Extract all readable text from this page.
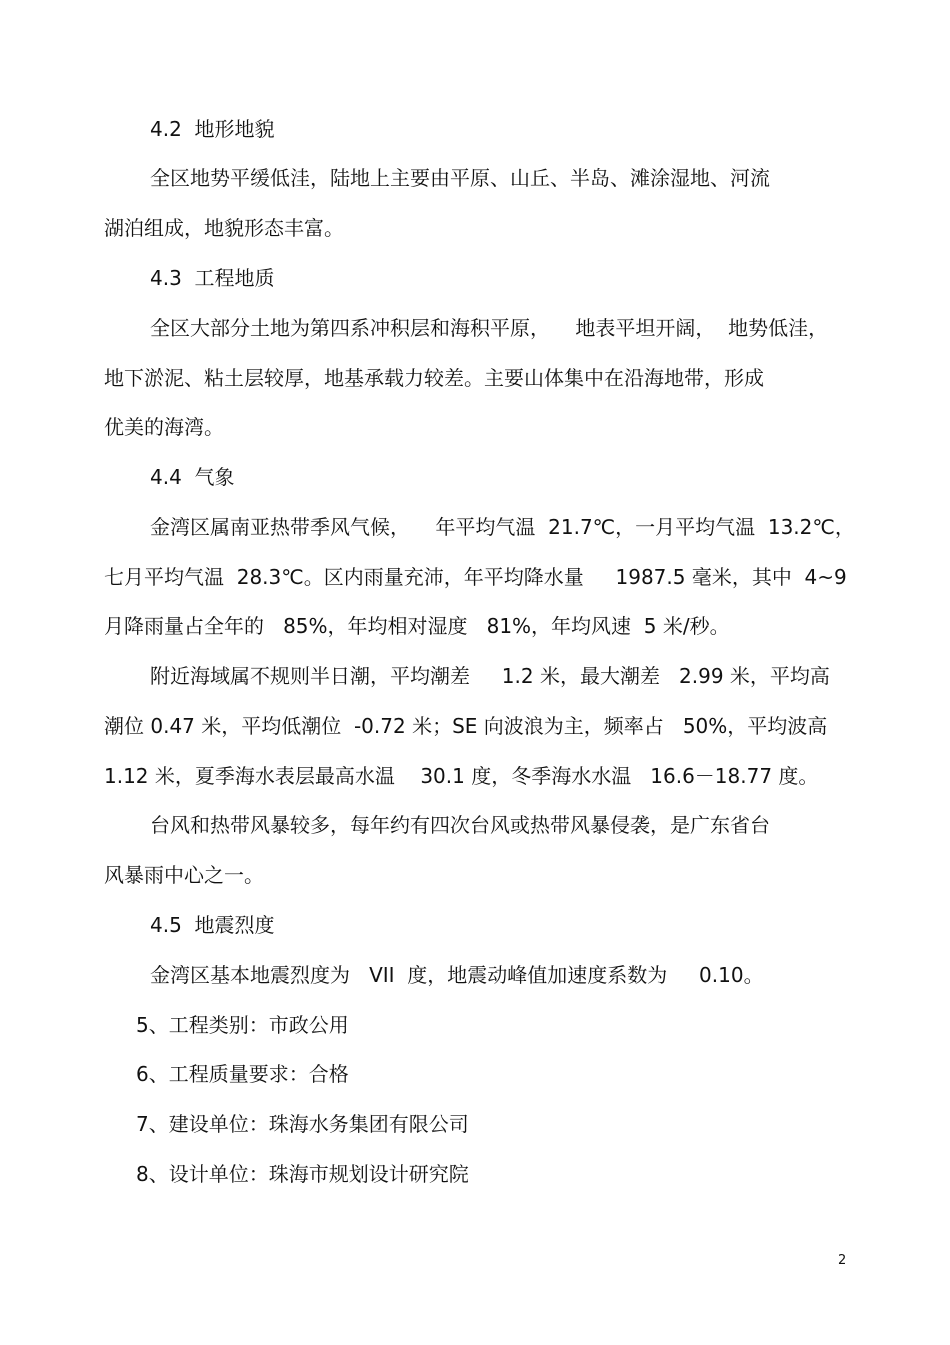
4.2  地形地貌
全区地势平缓低洼，陆地上主要由平原、山丘、半岛、滩涂湿地、河流
湖泊组成，地貌形态丰富。
4.3  工程地质
全区大部分土地为第四系冲积层和海积平原，    地表平坦开阔，  地势低洼，
地下淤泥、粘土层较厚，地基承载力较差。主要山体集中在沿海地带，形成
优美的海湾。
4.4  气象
金湾区属南亚热带季风气候，    年平均气温  21.7℃，一月平均气温  13.2℃，
七月平均气温  28.3℃。区内雨量充沛，年平均降水量     1987.5 毫米，其中  4~9
月降雨量占全年的   85%，年均相对湿度   81%，年均风速  5 米/秒。
附近海域属不规则半日潮，平均潮差     1.2 米，最大潮差   2.99 米，平均高
潮位 0.47 米，平均低潮位  -0.72 米；SE 向波浪为主，频率占   50%，平均波高
1.12 米，夏季海水表层最高水温    30.1 度，冬季海水水温   16.6－18.77 度。
台风和热带风暴较多，每年约有四次台风或热带风暴侵袭，是广东省台
风暴雨中心之一。
4.5  地震烈度
金湾区基本地震烈度为   VII  度，地震动峰值加速度系数为     0.10。
5、工程类别：市政公用
6、工程质量要求：合格
7、建设单位：珠海水务集团有限公司
8、设计单位：珠海市规划设计研究院
2
